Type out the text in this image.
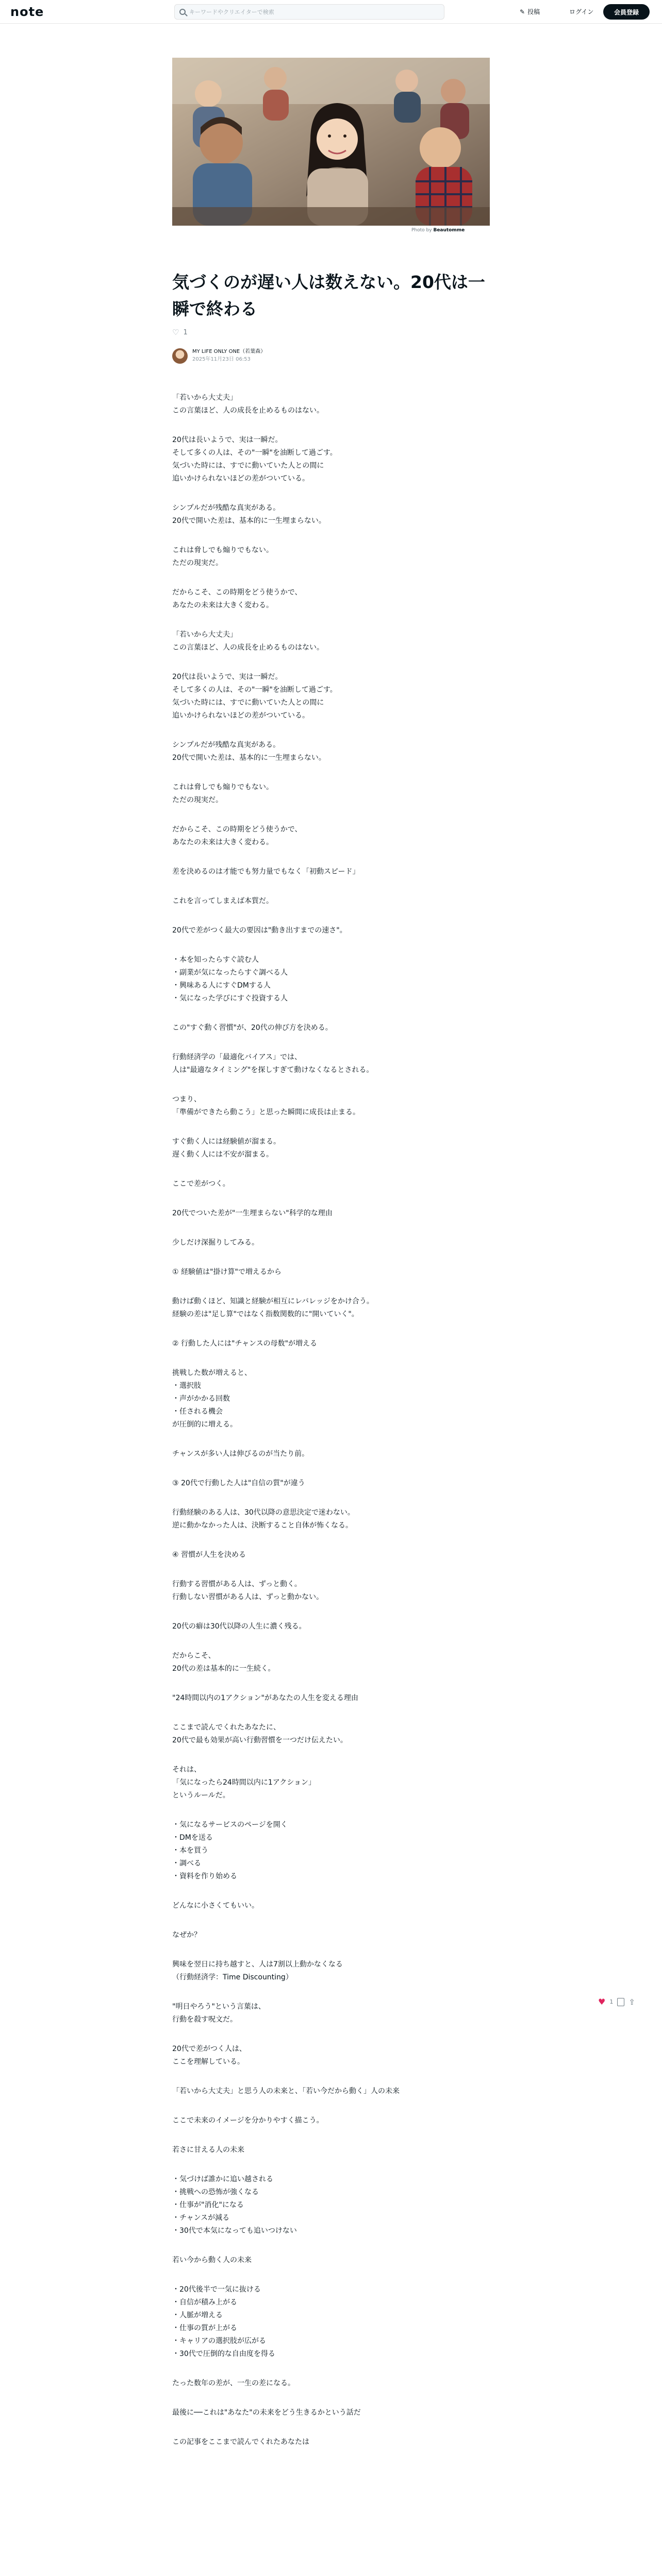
note	キーワードやクリエイターで検索	✎ 投稿	ログイン	会員登録
Photo by Beautomme
気づくのが遅い人は数えない。20代は一瞬で終わる
♡ 1
MY LIFE ONLY ONE（若葉森）
2025年11月23日 06:53
「若いから大丈夫」
この言葉ほど、人の成長を止めるものはない。
20代は長いようで、実は一瞬だ。
そして多くの人は、その"一瞬"を油断して過ごす。
気づいた時には、すでに動いていた人との間に
追いかけられないほどの差がついている。
シンプルだが残酷な真実がある。
20代で開いた差は、基本的に一生埋まらない。
これは脅しでも煽りでもない。
ただの現実だ。
だからこそ、この時期をどう使うかで、
あなたの未来は大きく変わる。
「若いから大丈夫」
この言葉ほど、人の成長を止めるものはない。
20代は長いようで、実は一瞬だ。
そして多くの人は、その"一瞬"を油断して過ごす。
気づいた時には、すでに動いていた人との間に
追いかけられないほどの差がついている。
シンプルだが残酷な真実がある。
20代で開いた差は、基本的に一生埋まらない。
これは脅しでも煽りでもない。
ただの現実だ。
だからこそ、この時期をどう使うかで、
あなたの未来は大きく変わる。
差を決めるのは才能でも努力量でもなく「初動スピード」
これを言ってしまえば本質だ。
20代で差がつく最大の要因は"動き出すまでの速さ"。
・本を知ったらすぐ読む人
・副業が気になったらすぐ調べる人
・興味ある人にすぐDMする人
・気になった学びにすぐ投資する人
この"すぐ動く習慣"が、20代の伸び方を決める。
行動経済学の「最適化バイアス」では、
人は"最適なタイミング"を探しすぎて動けなくなるとされる。
つまり、
「準備ができたら動こう」と思った瞬間に成長は止まる。
すぐ動く人には経験値が溜まる。
遅く動く人には不安が溜まる。
ここで差がつく。
20代でついた差が"一生埋まらない"科学的な理由
少しだけ深掘りしてみる。
① 経験値は"掛け算"で増えるから
動けば動くほど、知識と経験が相互にレバレッジをかけ合う。
経験の差は"足し算"ではなく指数関数的に"開いていく"。
② 行動した人には"チャンスの母数"が増える
挑戦した数が増えると、
・選択肢
・声がかかる回数
・任される機会
が圧倒的に増える。
チャンスが多い人は伸びるのが当たり前。
③ 20代で行動した人は"自信の質"が違う
行動経験のある人は、30代以降の意思決定で迷わない。
逆に動かなかった人は、決断すること自体が怖くなる。
④ 習慣が人生を決める
行動する習慣がある人は、ずっと動く。
行動しない習慣がある人は、ずっと動かない。
20代の癖は30代以降の人生に濃く残る。
だからこそ、
20代の差は基本的に一生続く。
"24時間以内の1アクション"があなたの人生を変える理由
ここまで読んでくれたあなたに、
20代で最も効果が高い行動習慣を一つだけ伝えたい。
それは、
「気になったら24時間以内に1アクション」
というルールだ。
・気になるサービスのページを開く
・DMを送る
・本を買う
・調べる
・資料を作り始める
どんなに小さくてもいい。
なぜか？
興味を翌日に持ち越すと、人は7割以上動かなくなる
（行動経済学：Time Discounting）
"明日やろう"という言葉は、
行動を殺す呪文だ。
20代で差がつく人は、
ここを理解している。
「若いから大丈夫」と思う人の未来と、「若い今だから動く」人の未来
ここで未来のイメージを分かりやすく描こう。
若さに甘える人の未来
・気づけば誰かに追い越される
・挑戦への恐怖が強くなる
・仕事が"消化"になる
・チャンスが減る
・30代で本気になっても追いつけない
若い今から動く人の未来
・20代後半で一気に抜ける
・自信が積み上がる
・人脈が増える
・仕事の質が上がる
・キャリアの選択肢が広がる
・30代で圧倒的な自由度を得る
たった数年の差が、一生の差になる。
最後に──これは"あなた"の未来をどう生きるかという話だ
この記事をここまで読んでくれたあなたは
♥ 1 ⇪
